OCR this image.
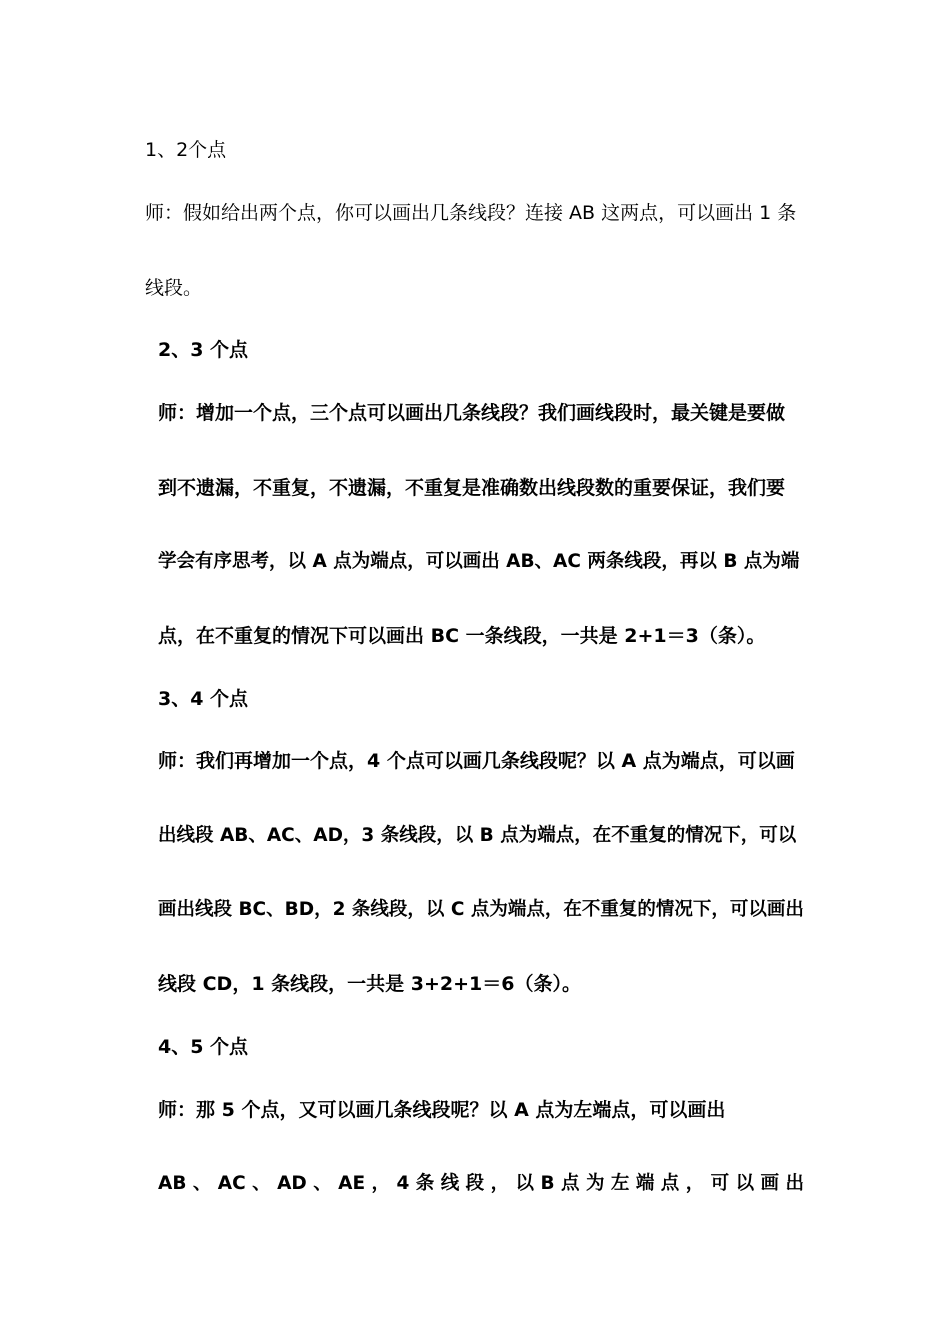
1、2个点
师：假如给出两个点，你可以画出几条线段？连接 AB 这两点，可以画出 1 条
线段。
2、3 个点
师：增加一个点，三个点可以画出几条线段？我们画线段时，最关键是要做
到不遗漏，不重复，不遗漏，不重复是准确数出线段数的重要保证，我们要
学会有序思考，以 A 点为端点，可以画出 AB、AC 两条线段，再以 B 点为端
点，在不重复的情况下可以画出 BC 一条线段，一共是 2+1＝3（条）。
3、4 个点
师：我们再增加一个点，4 个点可以画几条线段呢？以 A 点为端点，可以画
出线段 AB、AC、AD，3 条线段，以 B 点为端点，在不重复的情况下，可以
画出线段 BC、BD，2 条线段，以 C 点为端点，在不重复的情况下，可以画出
线段 CD，1 条线段，一共是 3+2+1＝6（条）。
4、5 个点
师：那 5 个点，又可以画几条线段呢？以 A 点为左端点，可以画出
AB 、 AC 、 AD 、 AE ， 4 条 线 段 ， 以 B 点 为 左 端 点 ， 可 以 画 出
